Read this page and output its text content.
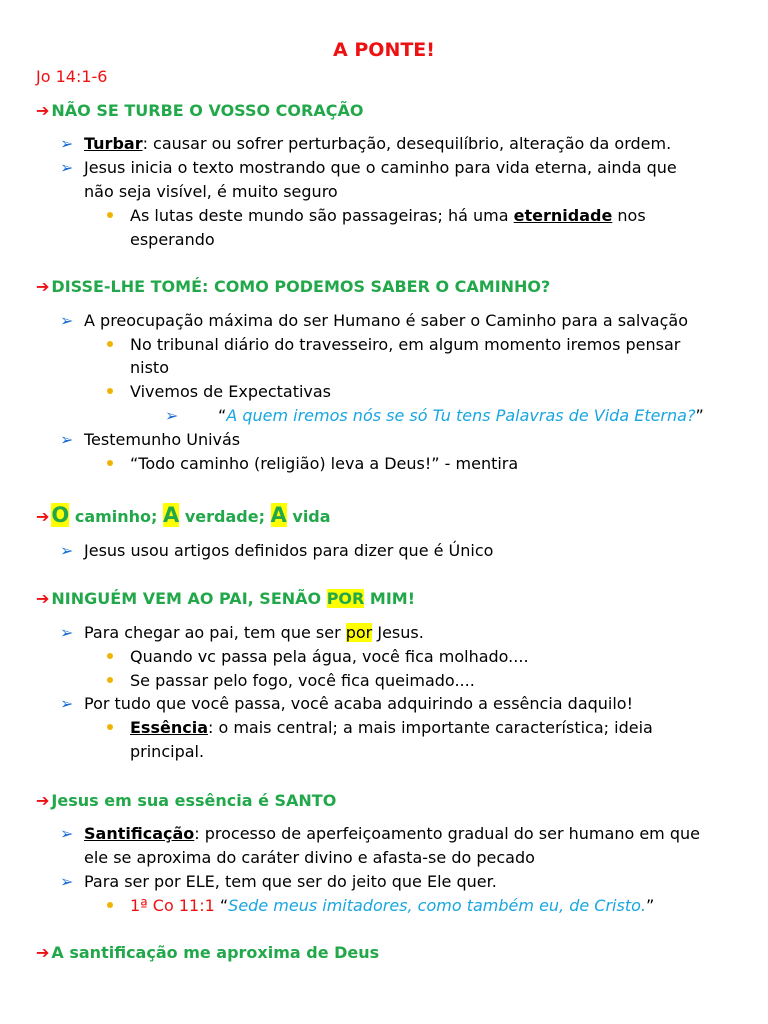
A PONTE!
Jo 14:1-6
➔ NÃO SE TURBE O VOSSO CORAÇÃO
➢ Turbar: causar ou sofrer perturbação, desequilíbrio, alteração da ordem.
➢ Jesus inicia o texto mostrando que o caminho para vida eterna, ainda que
não seja visível, é muito seguro
As lutas deste mundo são passageiras; há uma eternidade nos
esperando
➔ DISSE-LHE TOMÉ: COMO PODEMOS SABER O CAMINHO?
➢ A preocupação máxima do ser Humano é saber o Caminho para a salvação
No tribunal diário do travesseiro, em algum momento iremos pensar
nisto
Vivemos de Expectativas
➢ “A quem iremos nós se só Tu tens Palavras de Vida Eterna?”
➢ Testemunho Univás
“Todo caminho (religião) leva a Deus!” - mentira
➔O caminho; A verdade; A vida
➢ Jesus usou artigos definidos para dizer que é Único
➔ NINGUÉM VEM AO PAI, SENÃO POR MIM!
➢ Para chegar ao pai, tem que ser por Jesus.
Quando vc passa pela água, você fica molhado....
Se passar pelo fogo, você fica queimado....
➢ Por tudo que você passa, você acaba adquirindo a essência daquilo!
Essência: o mais central; a mais importante característica; ideia
principal.
➔ Jesus em sua essência é SANTO
➢ Santificação: processo de aperfeiçoamento gradual do ser humano em que
ele se aproxima do caráter divino e afasta-se do pecado
➢ Para ser por ELE, tem que ser do jeito que Ele quer.
1ª Co 11:1 “Sede meus imitadores, como também eu, de Cristo.”
➔ A santificação me aproxima de Deus
